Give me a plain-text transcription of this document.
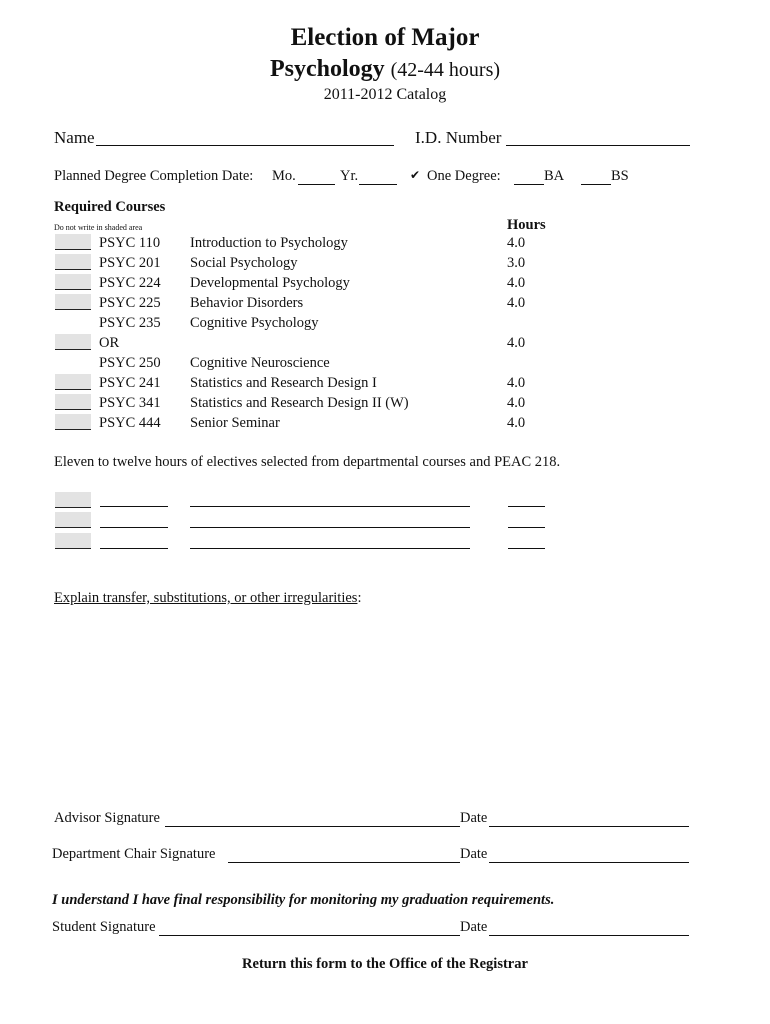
Election of Major
Psychology (42-44 hours)
2011-2012 Catalog
Name	I.D. Number
Planned Degree Completion Date: Mo.	Yr.	✔ One Degree:	BA	BS
Required Courses
Do not write in shaded area	Hours
PSYC 110 Introduction to Psychology	4.0
PSYC 201 Social Psychology	3.0
PSYC 224 Developmental Psychology	4.0
PSYC 225 Behavior Disorders	4.0
PSYC 235 Cognitive Psychology
OR	4.0
PSYC 250 Cognitive Neuroscience
PSYC 241 Statistics and Research Design I	4.0
PSYC 341 Statistics and Research Design II (W)	4.0
PSYC 444 Senior Seminar	4.0
Eleven to twelve hours of electives selected from departmental courses and PEAC 218.
Explain transfer, substitutions, or other irregularities:
Advisor Signature	Date
Department Chair Signature	Date
I understand I have final responsibility for monitoring my graduation requirements.
Student Signature	Date
Return this form to the Office of the Registrar
